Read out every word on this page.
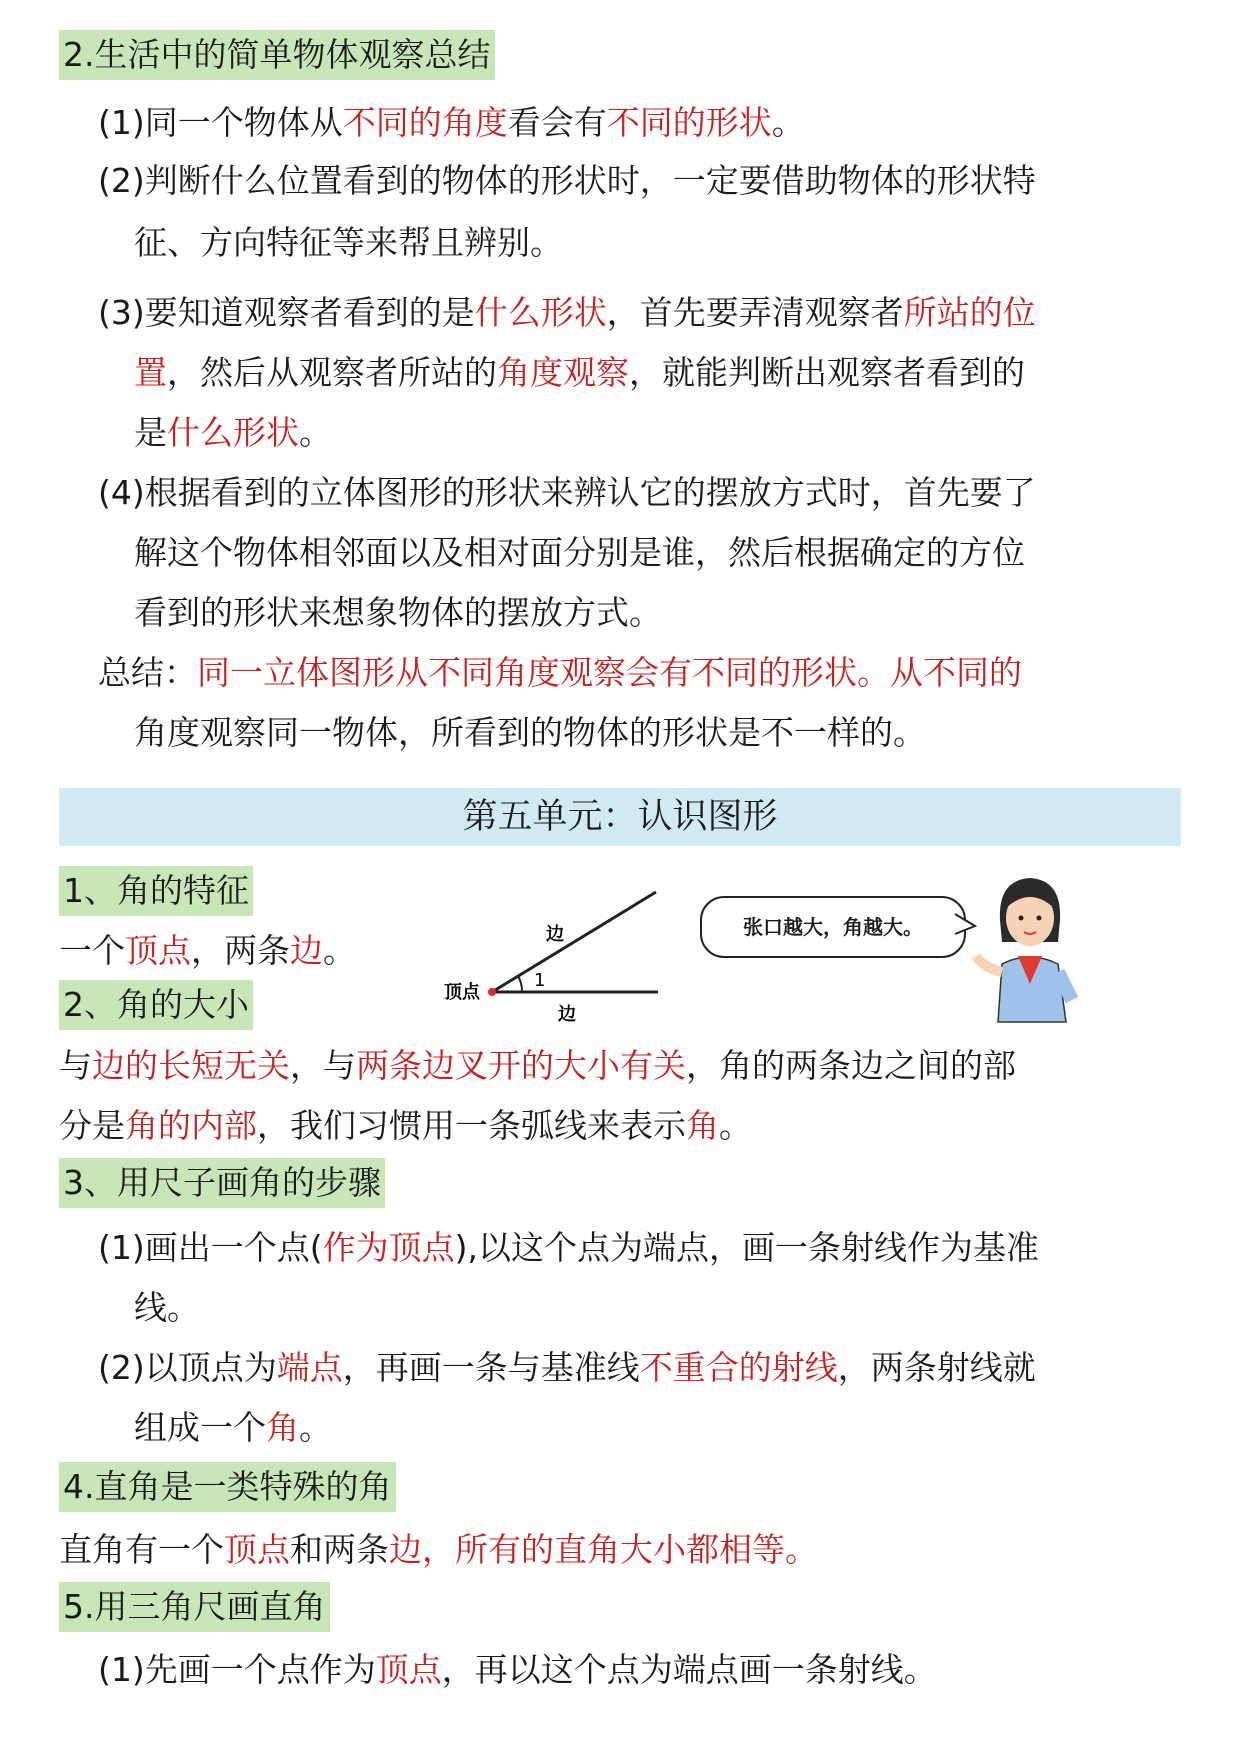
2.生活中的简单物体观察总结
(1)同一个物体从不同的角度看会有不同的形状。
(2)判断什么位置看到的物体的形状时，一定要借助物体的形状特
征、方向特征等来帮且辨别。
(3)要知道观察者看到的是什么形状，首先要弄清观察者所站的位
置，然后从观察者所站的角度观察，就能判断出观察者看到的
是什么形状。
(4)根据看到的立体图形的形状来辨认它的摆放方式时，首先要了
解这个物体相邻面以及相对面分别是谁，然后根据确定的方位
看到的形状来想象物体的摆放方式。
总结：同一立体图形从不同角度观察会有不同的形状。从不同的
角度观察同一物体，所看到的物体的形状是不一样的。
第五单元：认识图形
1、角的特征
一个顶点，两条边。	边
边
顶点
1
张口越大，角越大。
2、角的大小
与边的长短无关，与两条边叉开的大小有关，角的两条边之间的部
分是角的内部，我们习惯用一条弧线来表示角。
3、用尺子画角的步骤
(1)画出一个点(作为顶点),以这个点为端点，画一条射线作为基准
线。
(2)以顶点为端点，再画一条与基准线不重合的射线，两条射线就
组成一个角。
4.直角是一类特殊的角
直角有一个顶点和两条边，所有的直角大小都相等。
5.用三角尺画直角
(1)先画一个点作为顶点，再以这个点为端点画一条射线。
